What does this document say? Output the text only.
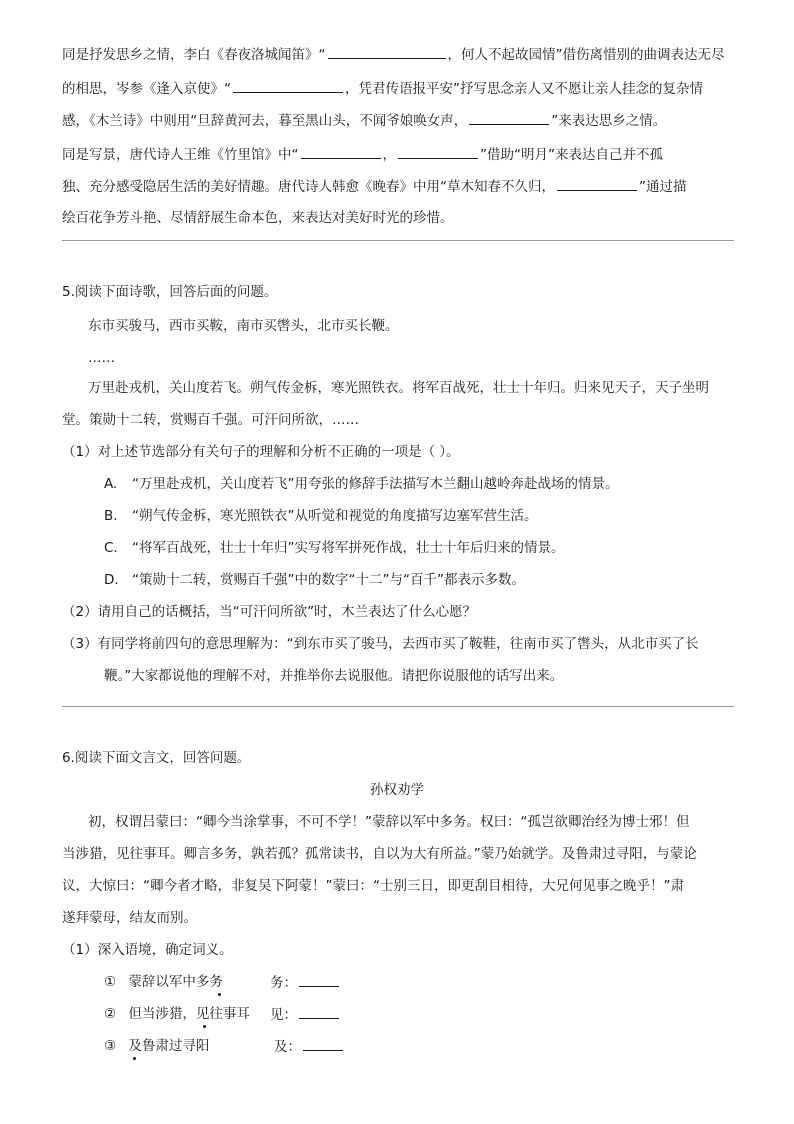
同是抒发思乡之情，李白《春夜洛城闻笛》“	，何人不起故园情”借伤离惜别的曲调表达无尽
的相思，岑参《逢入京使》“	，凭君传语报平安”抒写思念亲人又不愿让亲人挂念的复杂情
感，《木兰诗》中则用“旦辞黄河去，暮至黑山头，不闻爷娘唤女声，	”来表达思乡之情。
同是写景，唐代诗人王维《竹里馆》中“	，	”借助“明月”来表达自己并不孤
独、充分感受隐居生活的美好情趣。唐代诗人韩愈《晚春》中用“草木知春不久归，	”通过描
绘百花争芳斗艳、尽情舒展生命本色，来表达对美好时光的珍惜。
5.阅读下面诗歌，回答后面的问题。
东市买骏马，西市买鞍，南市买辔头，北市买长鞭。
……
万里赴戎机，关山度若飞。朔气传金柝，寒光照铁衣。将军百战死，壮士十年归。归来见天子，天子坐明
堂。策勋十二转，赏赐百千强。可汗问所欲，……
（1）对上述节选部分有关句子的理解和分析不正确的一项是（ ）。
A. “万里赴戎机，关山度若飞”用夸张的修辞手法描写木兰翻山越岭奔赴战场的情景。
B. “朔气传金柝，寒光照铁衣”从听觉和视觉的角度描写边塞军营生活。
C. “将军百战死，壮士十年归”实写将军拼死作战，壮士十年后归来的情景。
D. “策勋十二转，赏赐百千强”中的数字“十二”与“百千”都表示多数。
（2）请用自己的话概括，当“可汗问所欲”时，木兰表达了什么心愿？
（3）有同学将前四句的意思理解为：“到东市买了骏马，去西市买了鞍鞋，往南市买了辔头，从北市买了长
鞭。”大家都说他的理解不对，并推举你去说服他。请把你说服他的话写出来。
6.阅读下面文言文，回答问题。
孙权劝学
初，权谓吕蒙曰：“卿今当涂掌事，不可不学！”蒙辞以军中多务。权曰：“孤岂欲卿治经为博士邪！但
当涉猎，见往事耳。卿言多务，孰若孤？孤常读书，自以为大有所益。”蒙乃始就学。及鲁肃过寻阳，与蒙论
议，大惊曰：“卿今者才略，非复吴下阿蒙！”蒙曰：“士别三日，即更刮目相待，大兄何见事之晚乎！”肃
遂拜蒙母，结友而别。
（1）深入语境，确定词义。
① 蒙辞以军中多务	务：
② 但当涉猎，见往事耳 见：
③ 及鲁肃过寻阳	及：
